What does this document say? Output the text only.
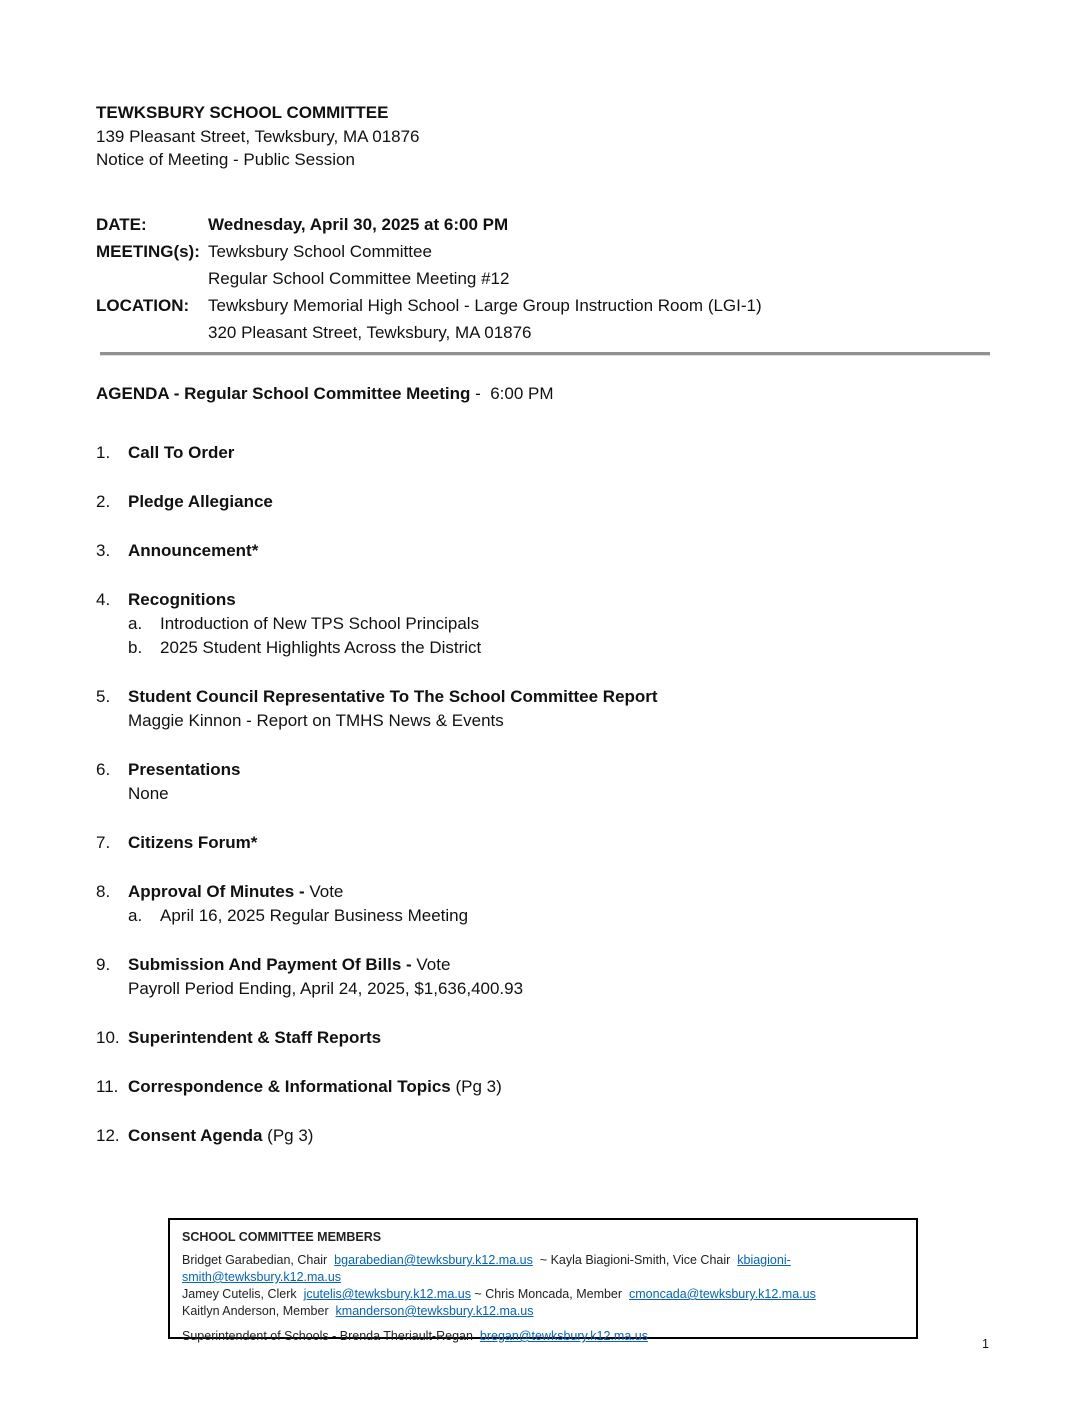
TEWKSBURY SCHOOL COMMITTEE
139 Pleasant Street, Tewksbury, MA 01876
Notice of Meeting - Public Session
DATE:	Wednesday, April 30, 2025 at 6:00 PM
MEETING(s): Tewksbury School Committee
Regular School Committee Meeting #12
LOCATION:	Tewksbury Memorial High School - Large Group Instruction Room (LGI-1)
320 Pleasant Street, Tewksbury, MA 01876
AGENDA - Regular School Committee Meeting -  6:00 PM
1.	Call To Order
2.	Pledge Allegiance
3.	Announcement*
4.	Recognitions
a.	Introduction of New TPS School Principals
b.	2025 Student Highlights Across the District
5.	Student Council Representative To The School Committee Report
Maggie Kinnon - Report on TMHS News & Events
6.	Presentations
None
7.	Citizens Forum*
8.	Approval Of Minutes - Vote
a.	April 16, 2025 Regular Business Meeting
9.	Submission And Payment Of Bills - Vote
Payroll Period Ending, April 24, 2025, $1,636,400.93
10. Superintendent & Staff Reports
11. Correspondence & Informational Topics (Pg 3)
12. Consent Agenda (Pg 3)
SCHOOL COMMITTEE MEMBERS
Bridget Garabedian, Chair  bgarabedian@tewksbury.k12.ma.us  ~ Kayla Biagioni-Smith, Vice Chair  kbiagioni-smith@tewksbury.k12.ma.us
Jamey Cutelis, Clerk  jcutelis@tewksbury.k12.ma.us ~ Chris Moncada, Member  cmoncada@tewksbury.k12.ma.us
Kaitlyn Anderson, Member  kmanderson@tewksbury.k12.ma.us
Superintendent of Schools - Brenda Theriault-Regan  bregan@tewksbury.k12.ma.us
1
